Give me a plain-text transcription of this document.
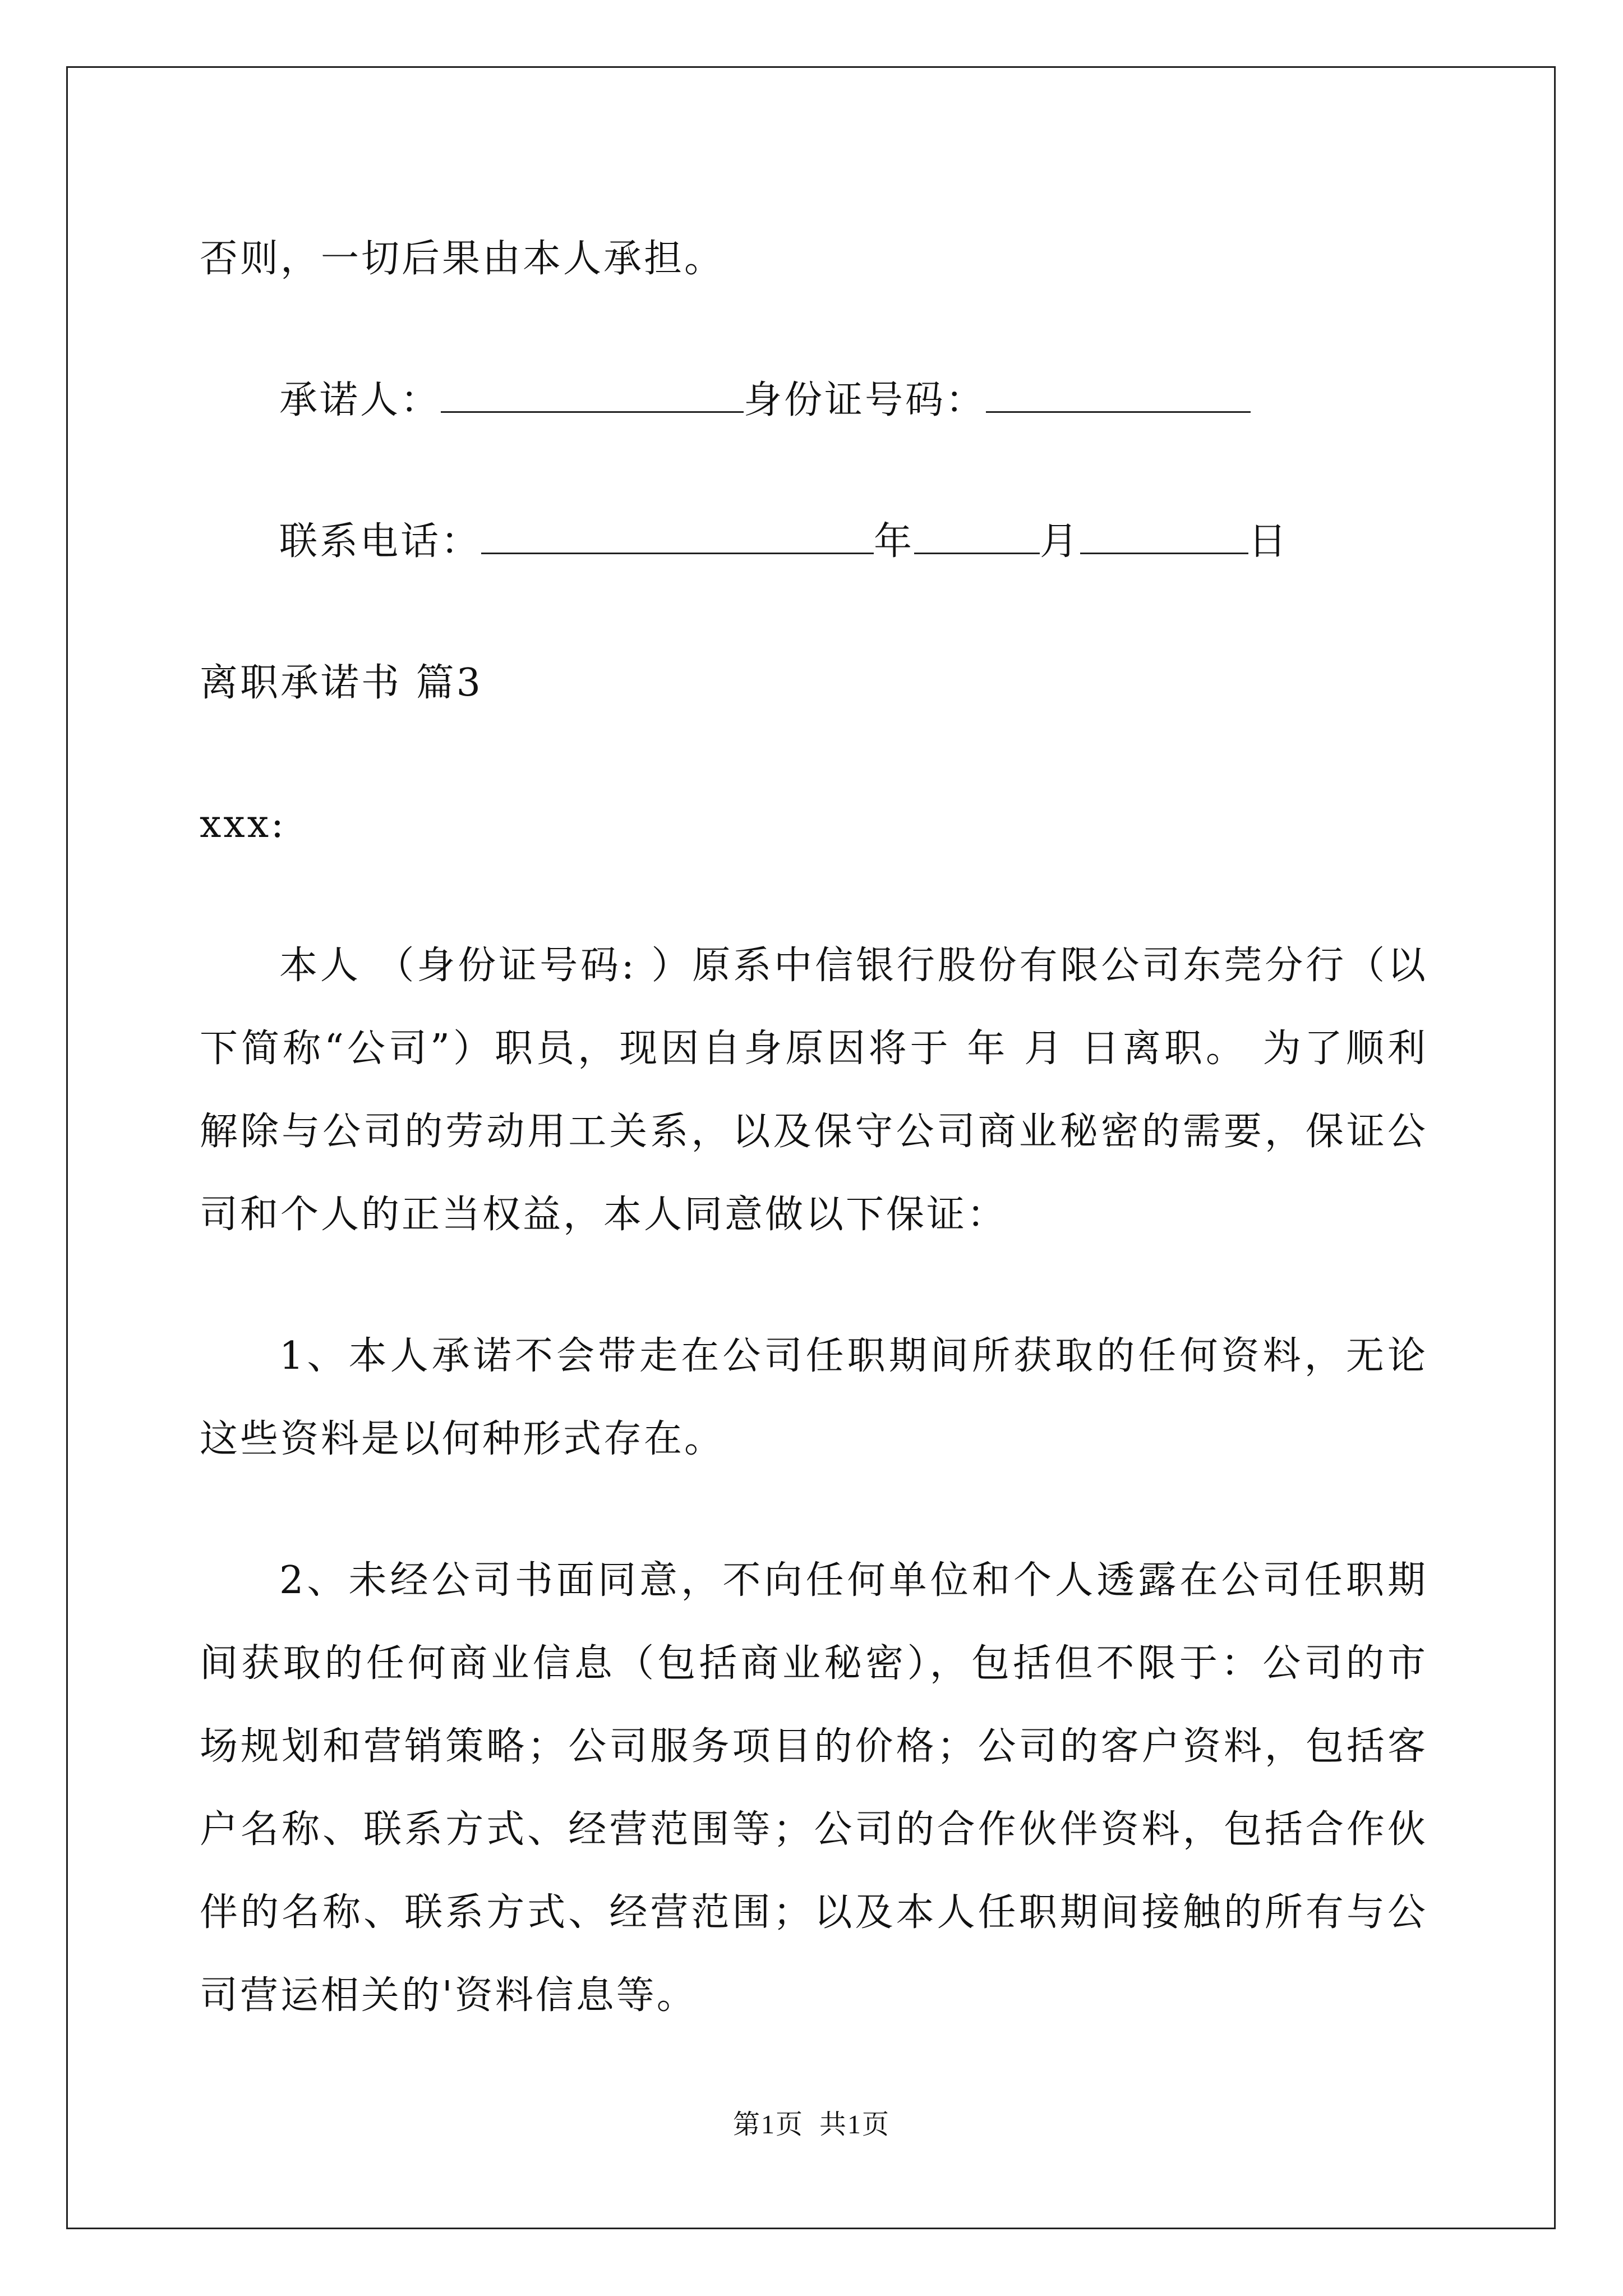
否则，一切后果由本人承担。

承诺人：	身份证号码：

联系电话：	年	月	日

离职承诺书 篇3

xxx:

本人 （身份证号码: ）原系中信银行股份有限公司东莞分行（以下简称“公司”）职员，现因自身原因将于 年 月 日离职。 为了顺利解除与公司的劳动用工关系，以及保守公司商业秘密的需要，保证公司和个人的正当权益，本人同意做以下保证：

1、本人承诺不会带走在公司任职期间所获取的任何资料，无论这些资料是以何种形式存在。

2、未经公司书面同意，不向任何单位和个人透露在公司任职期间获取的任何商业信息（包括商业秘密），包括但不限于：公司的市场规划和营销策略；公司服务项目的价格；公司的客户资料，包括客户名称、联系方式、经营范围等；公司的合作伙伴资料，包括合作伙伴的名称、联系方式、经营范围；以及本人任职期间接触的所有与公司营运相关的'资料信息等。

第1页 共1页
